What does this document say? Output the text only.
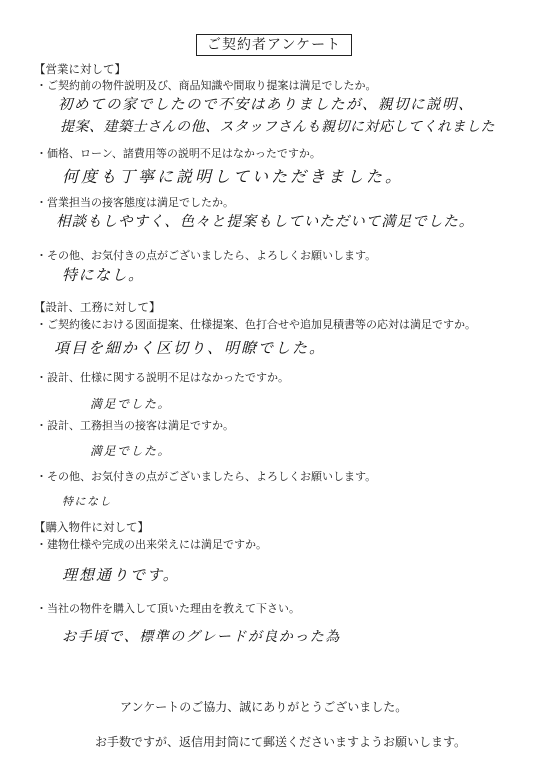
ご契約者アンケート
【営業に対して】
・ご契約前の物件説明及び、商品知識や間取り提案は満足でしたか。
初めての家でしたので不安はありましたが、親切に説明、
提案、建築士さんの他、スタッフさんも親切に対応してくれました
・価格、ローン、諸費用等の説明不足はなかったですか。
何度も丁寧に説明していただきました。
・営業担当の接客態度は満足でしたか。
相談もしやすく、色々と提案もしていただいて満足でした。
・その他、お気付きの点がございましたら、よろしくお願いします。
特になし。
【設計、工務に対して】
・ご契約後における図面提案、仕様提案、色打合せや追加見積書等の応対は満足ですか。
項目を細かく区切り、明瞭でした。
・設計、仕様に関する説明不足はなかったですか。
満足でした。
・設計、工務担当の接客は満足ですか。
満足でした。
・その他、お気付きの点がございましたら、よろしくお願いします。
特になし
【購入物件に対して】
・建物仕様や完成の出来栄えには満足ですか。
理想通りです。
・当社の物件を購入して頂いた理由を教えて下さい。
お手頃で、標準のグレードが良かった為
アンケートのご協力、誠にありがとうございました。
お手数ですが、返信用封筒にて郵送くださいますようお願いします。
